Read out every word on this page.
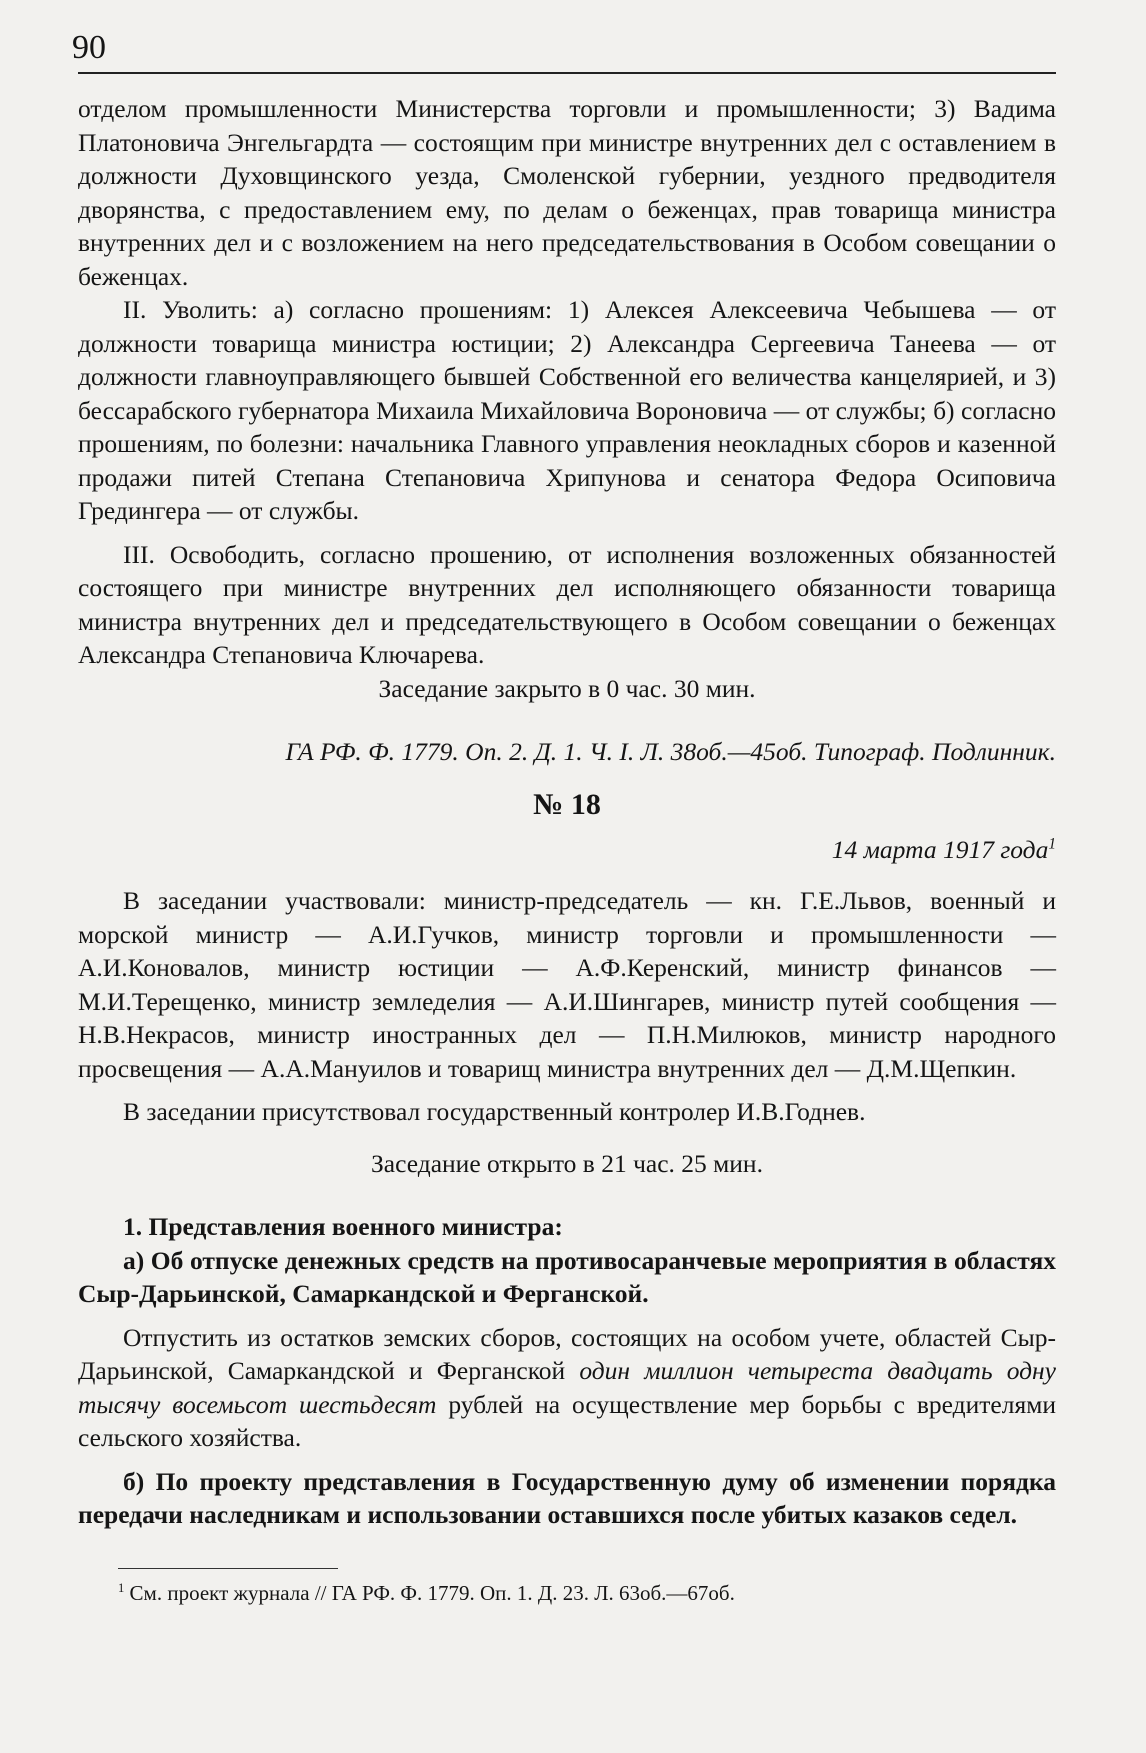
90

отделом промышленности Министерства торговли и промышленности; 3) Вадима Платоновича Энгельгардта — состоящим при министре внутренних дел с оставлением в должности Духовщинского уезда, Смоленской губернии, уездного предводителя дворянства, с предоставлением ему, по делам о беженцах, прав товарища министра внутренних дел и с возложением на него председательствования в Особом совещании о беженцах.

II. Уволить: а) согласно прошениям: 1) Алексея Алексеевича Чебышева — от должности товарища министра юстиции; 2) Александра Сергеевича Танеева — от должности главноуправляющего бывшей Собственной его величества канцелярией, и 3) бессарабского губернатора Михаила Михайловича Вороновича — от службы; б) согласно прошениям, по болезни: начальника Главного управления неокладных сборов и казенной продажи питей Степана Степановича Хрипунова и сенатора Федора Осиповича Гредингера — от службы.

III. Освободить, согласно прошению, от исполнения возложенных обязанностей состоящего при министре внутренних дел исполняющего обязанности товарища министра внутренних дел и председательствующего в Особом совещании о беженцах Александра Степановича Ключарева.

Заседание закрыто в 0 час. 30 мин.

ГА РФ. Ф. 1779. Оп. 2. Д. 1. Ч. I. Л. 38об.—45об. Типограф. Подлинник.

№ 18

14 марта 1917 года$^1$

В заседании участвовали: министр-председатель — кн. Г.Е.Львов, военный и морской министр — А.И.Гучков, министр торговли и промышленности — А.И.Коновалов, министр юстиции — А.Ф.Керенский, министр финансов — М.И.Терещенко, министр земледелия — А.И.Шингарев, министр путей сообщения — Н.В.Некрасов, министр иностранных дел — П.Н.Милюков, министр народного просвещения — А.А.Мануилов и товарищ министра внутренних дел — Д.М.Щепкин.

В заседании присутствовал государственный контролер И.В.Годнев.

Заседание открыто в 21 час. 25 мин.

1. Представления военного министра:

а) Об отпуске денежных средств на противосаранчевые мероприятия в областях Сыр-Дарьинской, Самаркандской и Ферганской.

Отпустить из остатков земских сборов, состоящих на особом учете, областей Сыр-Дарьинской, Самаркандской и Ферганской один миллион четыреста двадцать одну тысячу восемьсот шестьдесят рублей на осуществление мер борьбы с вредителями сельского хозяйства.

б) По проекту представления в Государственную думу об изменении порядка передачи наследникам и использовании оставшихся после убитых казаков седел.

$^1$ См. проект журнала // ГА РФ. Ф. 1779. Оп. 1. Д. 23. Л. 63об.—67об.
